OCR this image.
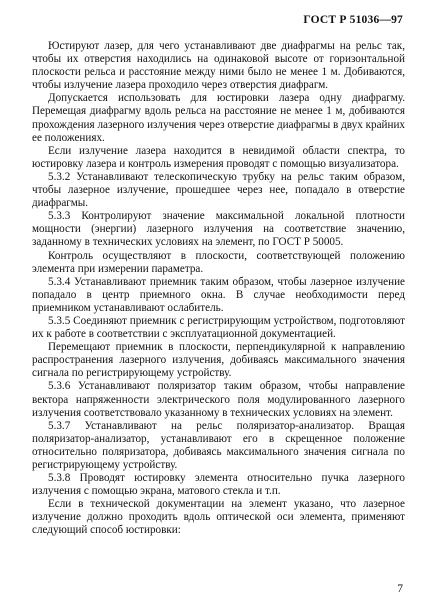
ГОСТ Р 51036—97

Юстируют лазер, для чего устанавливают две диафрагмы на рельс так, чтобы их отверстия находились на одинаковой высоте от горизонтальной плоскости рельса и расстояние между ними было не менее 1 м. Добиваются, чтобы излучение лазера проходило через отверстия диафрагм.

Допускается использовать для юстировки лазера одну диафрагму. Перемещая диафрагму вдоль рельса на расстояние не менее 1 м, добиваются прохождения лазерного излучения через отверстие диафрагмы в двух крайних ее положениях.

Если излучение лазера находится в невидимой области спектра, то юстировку лазера и контроль измерения проводят с помощью визуализатора.

5.3.2 Устанавливают телескопическую трубку на рельс таким образом, чтобы лазерное излучение, прошедшее через нее, попадало в отверстие диафрагмы.

5.3.3 Контролируют значение максимальной локальной плотности мощности (энергии) лазерного излучения на соответствие значению, заданному в технических условиях на элемент, по ГОСТ Р 50005.

Контроль осуществляют в плоскости, соответствующей положению элемента при измерении параметра.

5.3.4 Устанавливают приемник таким образом, чтобы лазерное излучение попадало в центр приемного окна. В случае необходимости перед приемником устанавливают ослабитель.

5.3.5 Соединяют приемник с регистрирующим устройством, подготовляют их к работе в соответствии с эксплуатационной документацией.

Перемещают приемник в плоскости, перпендикулярной к направлению распространения лазерного излучения, добиваясь максимального значения сигнала по регистрирующему устройству.

5.3.6 Устанавливают поляризатор таким образом, чтобы направление вектора напряженности электрического поля модулированного лазерного излучения соответствовало указанному в технических условиях на элемент.

5.3.7 Устанавливают на рельс поляризатор-анализатор. Вращая поляризатор-анализатор, устанавливают его в скрещенное положение относительно поляризатора, добиваясь максимального значения сигнала по регистрирующему устройству.

5.3.8 Проводят юстировку элемента относительно пучка лазерного излучения с помощью экрана, матового стекла и т.п.

Если в технической документации на элемент указано, что лазерное излучение должно проходить вдоль оптической оси элемента, применяют следующий способ юстировки:

7
